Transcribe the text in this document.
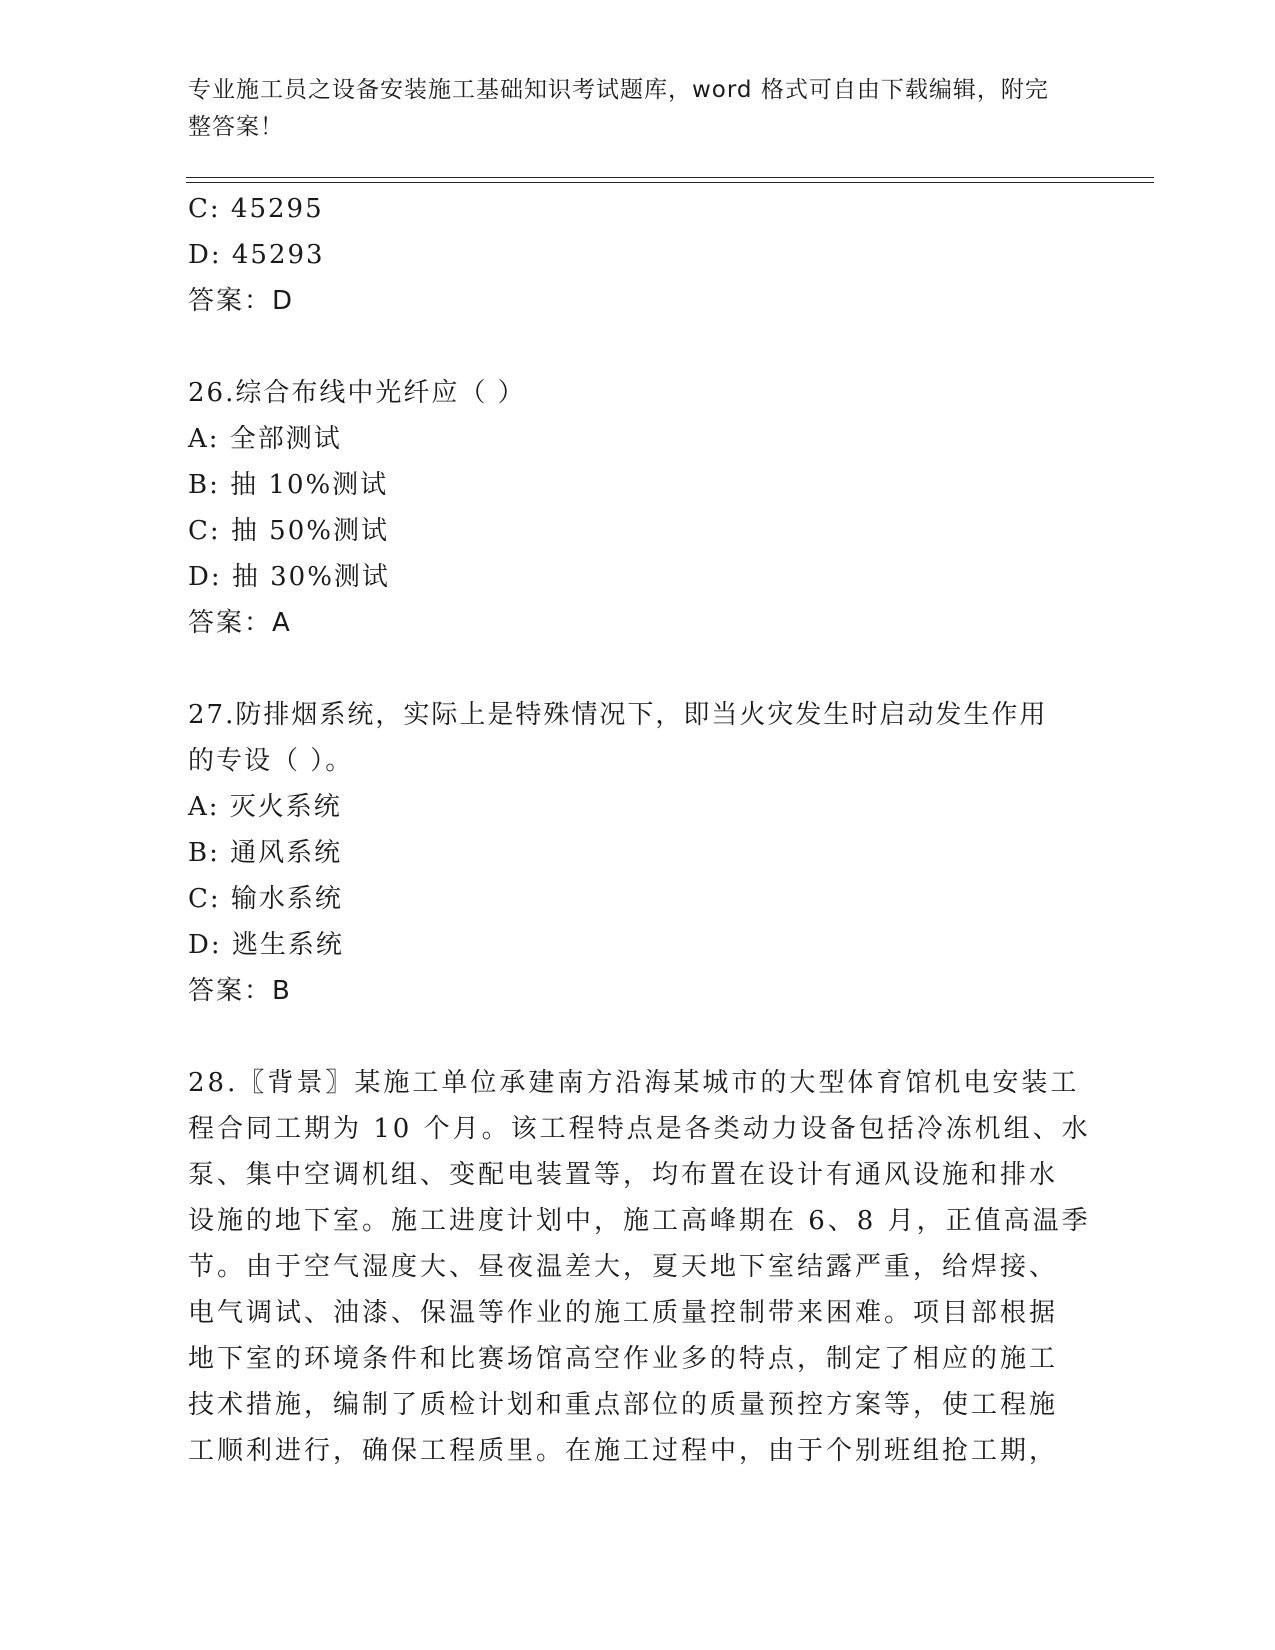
专业施工员之设备安装施工基础知识考试题库，word 格式可自由下载编辑，附完
整答案！
C: 45295
D: 45293
答案：D
26.综合布线中光纤应（ ）
A: 全部测试
B: 抽 10%测试
C: 抽 50%测试
D: 抽 30%测试
答案：A
27.防排烟系统，实际上是特殊情况下，即当火灾发生时启动发生作用
的专设（ ）。
A: 灭火系统
B: 通风系统
C: 输水系统
D: 逃生系统
答案：B
28.〖背景〗某施工单位承建南方沿海某城市的大型体育馆机电安装工
程合同工期为 10 个月。该工程特点是各类动力设备包括冷冻机组、水
泵、集中空调机组、变配电装置等，均布置在设计有通风设施和排水
设施的地下室。施工进度计划中，施工高峰期在 6、8 月，正值高温季
节。由于空气湿度大、昼夜温差大，夏天地下室结露严重，给焊接、
电气调试、油漆、保温等作业的施工质量控制带来困难。项目部根据
地下室的环境条件和比赛场馆高空作业多的特点，制定了相应的施工
技术措施，编制了质检计划和重点部位的质量预控方案等，使工程施
工顺利进行，确保工程质里。在施工过程中，由于个别班组抢工期，
